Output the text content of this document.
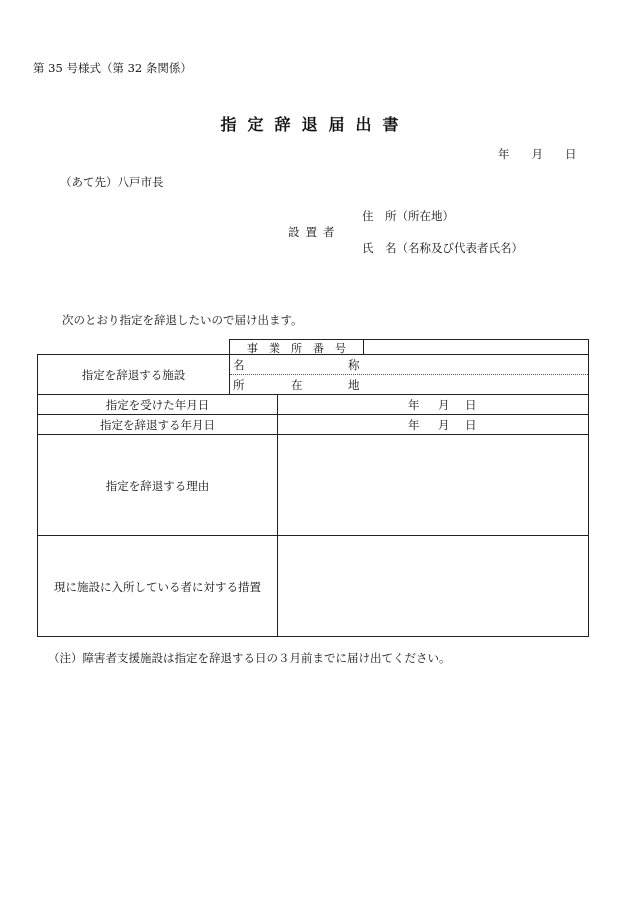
第 35 号様式（第 32 条関係）
指定辞退届出書
年 月 日
（あて先）八戸市長
住　所（所在地）
設置者
氏　名（名称及び代表者氏名）
次のとおり指定を辞退したいので届け出ます。
事　業　所　番　号
指定を辞退する施設
名	称
所	在	地
指定を受けた年月日	年 月 日
指定を辞退する年月日	年 月 日
指定を辞退する理由
現に施設に入所している者に対する措置
（注）障害者支援施設は指定を辞退する日の３月前までに届け出てください。
